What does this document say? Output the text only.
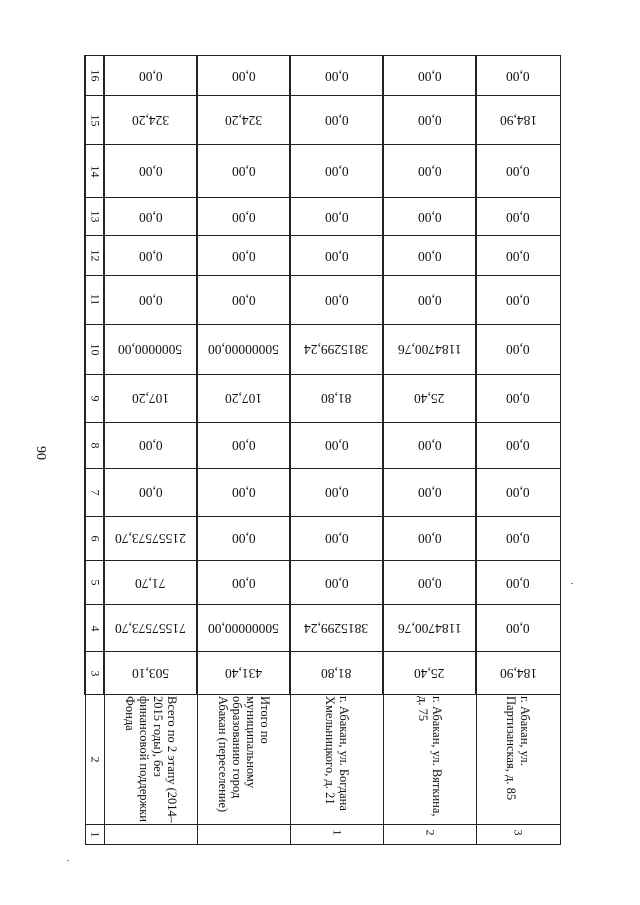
90
16	0,00	0,00	0,00	0,00	0,00

15	324,20	324,20	0,00	0,00	184,90

14	0,00	0,00	0,00	0,00	0,00

13	0,00	0,00	0,00	0,00	0,00

12	0,00	0,00	0,00	0,00	0,00

11	0,00	0,00	0,00	0,00	0,00

10	5000000,00	50000000,00	3815299,24	1184700,76	0,00

9	107,20	107,20	81,80	25,40	0,00

8	0,00	0,00	0,00	0,00	0,00

7	0,00	0,00	0,00	0,00	0,00

6	21557573,70	0,00	0,00	0,00	0,00

5	71,70	0,00	0,00	0,00	0,00

4	71557573,70	50000000,00	3815299,24	1184700,76	0,00

3	503,10	431,40	81,80	25,40	184,90

2	Всего по 2 этапу (2014–2015 годы), без финансовой поддержки Фонда	Итого по муниципальному образованию город Абакан (переселение)	г. Абакан, ул. Богдана Хмельницкого, д. 21	г. Абакан, ул. Вяткина, д. 75	г. Абакан, ул. Партизанская, д. 85

1			1	2	3
